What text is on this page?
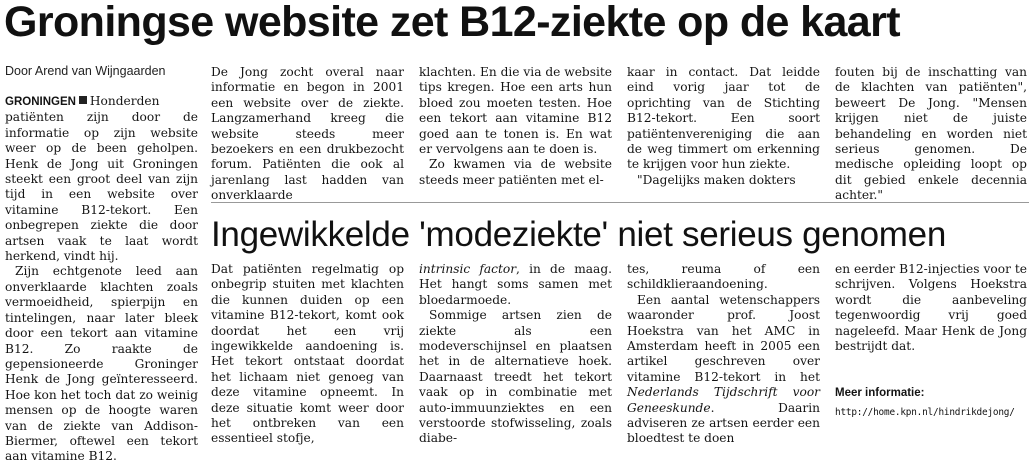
Groningse website zet B12-ziekte op de kaart
Door Arend van Wijngaarden

GRONINGEN Honderden patiënten zijn door de informatie op zijn website weer op de been geholpen. Henk de Jong uit Groningen steekt een groot deel van zijn tijd in een website over vitamine B12-tekort. Een onbegrepen ziekte die door artsen vaak te laat wordt herkend, vindt hij.

Zijn echtgenote leed aan onverklaarde klachten zoals vermoeidheid, spierpijn en tintelingen, naar later bleek door een tekort aan vitamine B12. Zo raakte de gepensioneerde Groninger Henk de Jong geïnteresseerd. Hoe kon het toch dat zo weinig mensen op de hoogte waren van de ziekte van Addison-Biermer, oftewel een tekort aan vitamine B12.

De Jong zocht overal naar informatie en begon in 2001 een website over de ziekte. Langzamerhand kreeg die website steeds meer bezoekers en een drukbezocht forum. Patiënten die ook al jarenlang last hadden van onverklaarde

klachten. En die via de website tips kregen. Hoe een arts hun bloed zou moeten testen. Hoe een tekort aan vitamine B12 goed aan te tonen is. En wat er vervolgens aan te doen is.

Zo kwamen via de website steeds meer patiënten met el-

kaar in contact. Dat leidde eind vorig jaar tot de oprichting van de Stichting B12-tekort. Een soort patiëntenvereniging die aan de weg timmert om erkenning te krijgen voor hun ziekte.

"Dagelijks maken dokters

fouten bij de inschatting van de klachten van patiënten", beweert De Jong. "Mensen krijgen niet de juiste behandeling en worden niet serieus genomen. De medische opleiding loopt op dit gebied enkele decennia achter."

Ingewikkelde 'modeziekte' niet serieus genomen

Dat patiënten regelmatig op onbegrip stuiten met klachten die kunnen duiden op een vitamine B12-tekort, komt ook doordat het een vrij ingewikkelde aandoening is. Het tekort ontstaat doordat het lichaam niet genoeg van deze vitamine opneemt. In deze situatie komt weer door het ontbreken van een essentieel stofje,

intrinsic factor, in de maag. Het hangt soms samen met bloedarmoede.

Sommige artsen zien de ziekte als een modeverschijnsel en plaatsen het in de alternatieve hoek. Daarnaast treedt het tekort vaak op in combinatie met auto-immuunziektes en een verstoorde stofwisseling, zoals diabe-

tes, reuma of een schildklieraandoening.

Een aantal wetenschappers waaronder prof. Joost Hoekstra van het AMC in Amsterdam heeft in 2005 een artikel geschreven over vitamine B12-tekort in het Nederlands Tijdschrift voor Geneeskunde. Daarin adviseren ze artsen eerder een bloedtest te doen

en eerder B12-injecties voor te schrijven. Volgens Hoekstra wordt die aanbeveling tegenwoordig vrij goed nageleefd. Maar Henk de Jong bestrijdt dat.

Meer informatie:
http://home.kpn.nl/hindrikdejong/
